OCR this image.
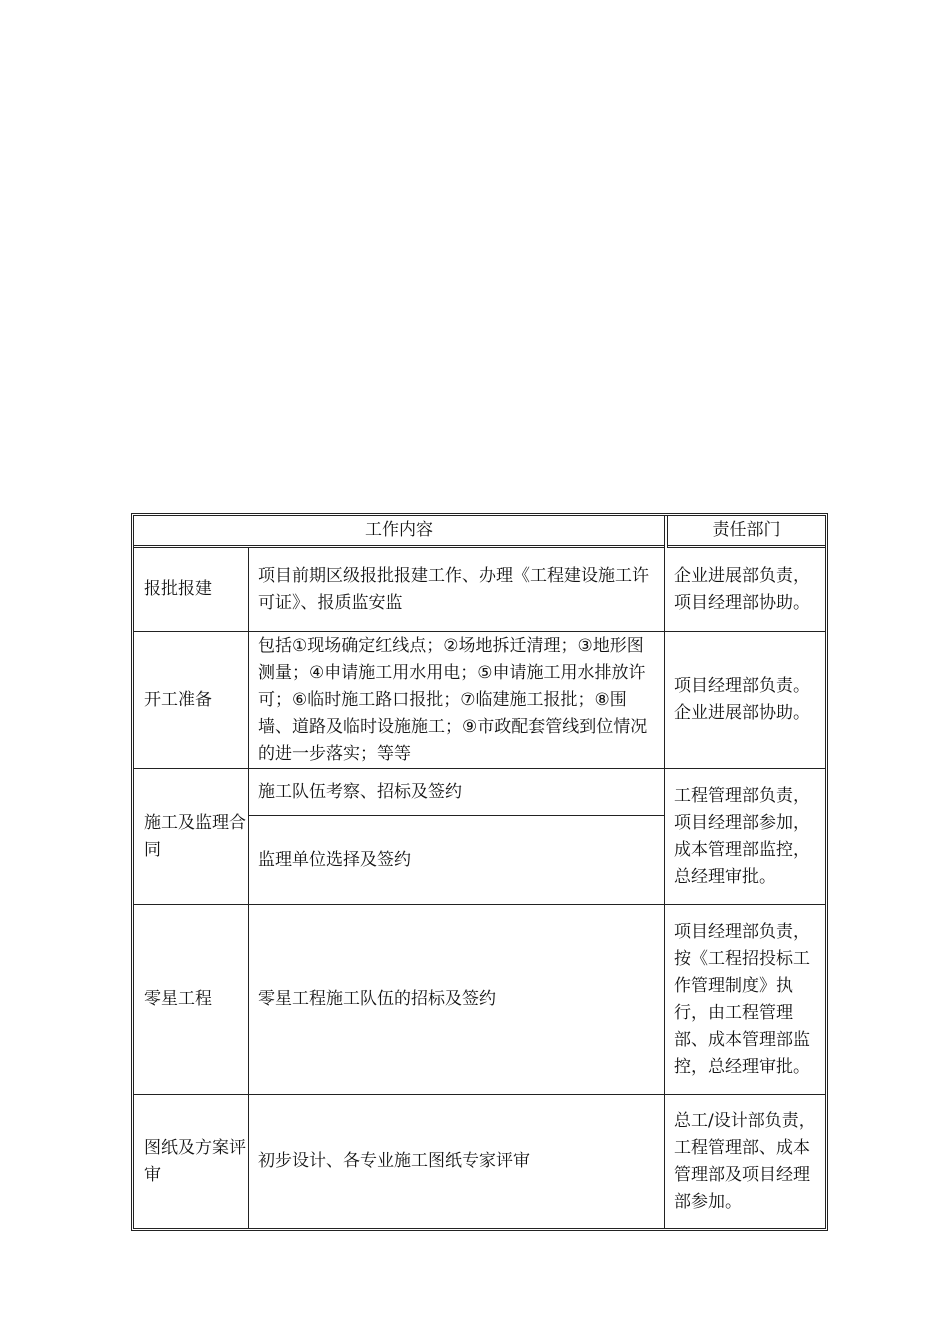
工作内容	责任部门
报批报建
项目前期区级报批报建工作、办理《工程建设施工许可证》、报质监安监
企业进展部负责，项目经理部协助。
开工准备
包括①现场确定红线点；②场地拆迁清理；③地形图测量；④申请施工用水用电；⑤申请施工用水排放许可；⑥临时施工路口报批；⑦临建施工报批；⑧围墙、道路及临时设施施工；⑨市政配套管线到位情况的进一步落实；等等
项目经理部负责。企业进展部协助。
施工及监理合同
施工队伍考察、招标及签约
监理单位选择及签约
工程管理部负责，项目经理部参加，成本管理部监控，总经理审批。
零星工程	零星工程施工队伍的招标及签约
项目经理部负责，按《工程招投标工作管理制度》执行，由工程管理部、成本管理部监控，总经理审批。
图纸及方案评审
初步设计、各专业施工图纸专家评审
总工/设计部负责，工程管理部、成本管理部及项目经理部参加。
